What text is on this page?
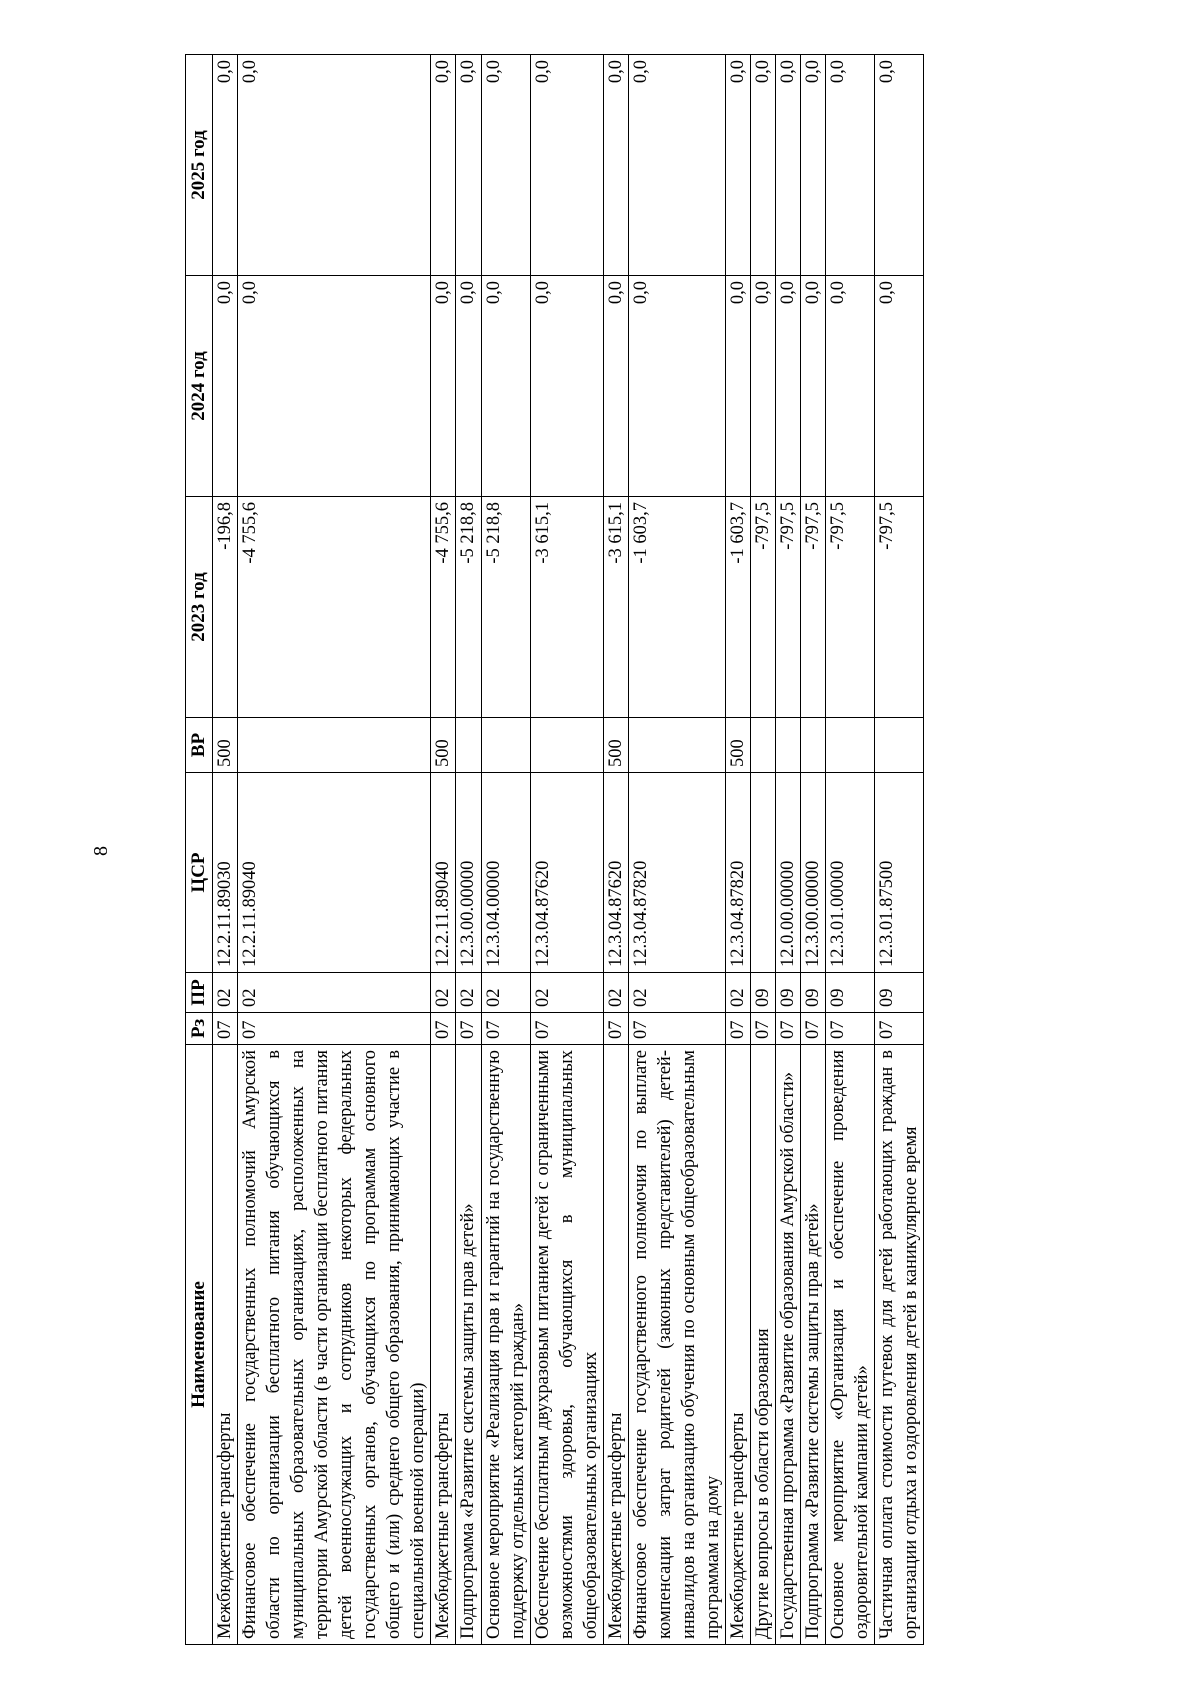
8
Наименование	Рз	ПР	ЦСР	ВР	2023 год	2024 год	2025 год
Межбюджетные трансферты	07	02	12.2.11.89030	500	-196,8	0,0	0,0
Финансовое обеспечение государственных полномочий Амурской области по организации бесплатного питания обучающихся в муниципальных образовательных организациях, расположенных на территории Амурской области (в части организации бесплатного питания детей военнослужащих и сотрудников некоторых федеральных государственных органов, обучающихся по программам основного общего и (или) среднего общего образования, принимающих участие в специальной военной операции)	07	02	12.2.11.89040		-4 755,6	0,0	0,0
Межбюджетные трансферты	07	02	12.2.11.89040	500	-4 755,6	0,0	0,0
Подпрограмма «Развитие системы защиты прав детей»	07	02	12.3.00.00000		-5 218,8	0,0	0,0
Основное мероприятие «Реализация прав и гарантий на государственную поддержку отдельных категорий граждан»	07	02	12.3.04.00000		-5 218,8	0,0	0,0
Обеспечение бесплатным двухразовым питанием детей с ограниченными возможностями здоровья, обучающихся в муниципальных общеобразовательных организациях	07	02	12.3.04.87620		-3 615,1	0,0	0,0
Межбюджетные трансферты	07	02	12.3.04.87620	500	-3 615,1	0,0	0,0
Финансовое обеспечение государственного полномочия по выплате компенсации затрат родителей (законных представителей) детей-инвалидов на организацию обучения по основным общеобразовательным программам на дому	07	02	12.3.04.87820		-1 603,7	0,0	0,0
Межбюджетные трансферты	07	02	12.3.04.87820	500	-1 603,7	0,0	0,0
Другие вопросы в области образования	07	09			-797,5	0,0	0,0
Государственная программа «Развитие образования Амурской области»	07	09	12.0.00.00000		-797,5	0,0	0,0
Подпрограмма «Развитие системы защиты прав детей»	07	09	12.3.00.00000		-797,5	0,0	0,0
Основное мероприятие «Организация и обеспечение проведения оздоровительной кампании детей»	07	09	12.3.01.00000		-797,5	0,0	0,0
Частичная оплата стоимости путевок для детей работающих граждан в организации отдыха и оздоровления детей в каникулярное время	07	09	12.3.01.87500		-797,5	0,0	0,0
